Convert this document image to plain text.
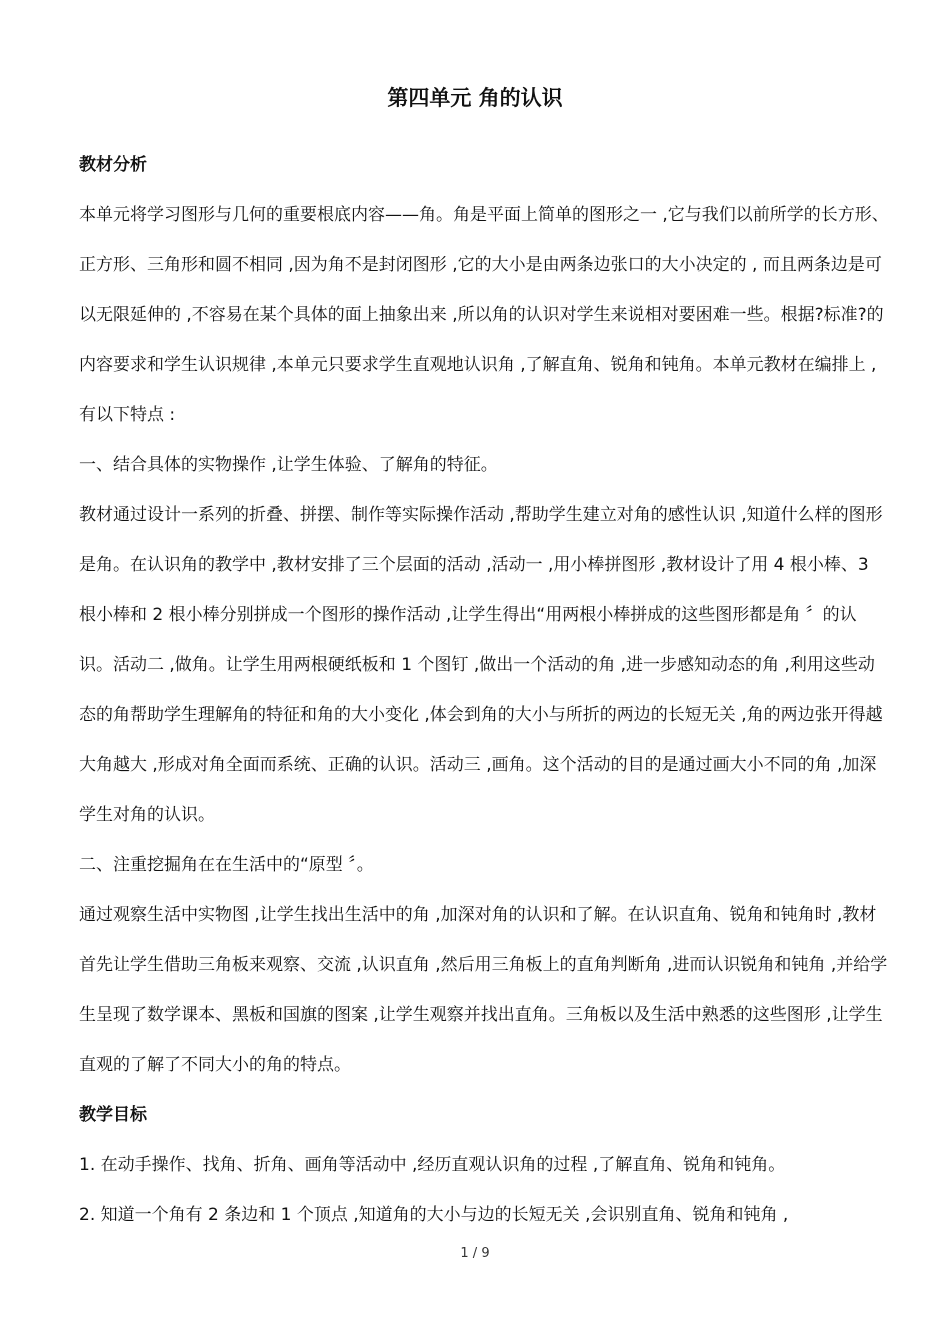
第四单元 角的认识

教材分析

本单元将学习图形与几何的重要根底内容——角。角是平面上简单的图形之一 ,它与我们以前所学的长方形、正方形、三角形和圆不相同 ,因为角不是封闭图形 ,它的大小是由两条边张口的大小决定的 , 而且两条边是可以无限延伸的 ,不容易在某个具体的面上抽象出来 ,所以角的认识对学生来说相对要困难一些。根据?标准?的内容要求和学生认识规律 ,本单元只要求学生直观地认识角 ,了解直角、锐角和钝角。本单元教材在编排上 ,有以下特点 :

一、结合具体的实物操作 ,让学生体验、了解角的特征。

教材通过设计一系列的折叠、拼摆、制作等实际操作活动 ,帮助学生建立对角的感性认识 ,知道什么样的图形是角。在认识角的教学中 ,教材安排了三个层面的活动 ,活动一 ,用小棒拼图形 ,教材设计了用 4 根小棒、3 根小棒和 2 根小棒分别拼成一个图形的操作活动 ,让学生得出“用两根小棒拼成的这些图形都是角 〞的认识。活动二 ,做角。让学生用两根硬纸板和 1 个图钉 ,做出一个活动的角 ,进一步感知动态的角 ,利用这些动态的角帮助学生理解角的特征和角的大小变化 ,体会到角的大小与所折的两边的长短无关 ,角的两边张开得越大角越大 ,形成对角全面而系统、正确的认识。活动三 ,画角。这个活动的目的是通过画大小不同的角 ,加深学生对角的认识。

二、注重挖掘角在在生活中的“原型 〞。

通过观察生活中实物图 ,让学生找出生活中的角 ,加深对角的认识和了解。在认识直角、锐角和钝角时 ,教材首先让学生借助三角板来观察、交流 ,认识直角 ,然后用三角板上的直角判断角 ,进而认识锐角和钝角 ,并给学生呈现了数学课本、黑板和国旗的图案 ,让学生观察并找出直角。三角板以及生活中熟悉的这些图形 ,让学生直观的了解了不同大小的角的特点。

教学目标

1. 在动手操作、找角、折角、画角等活动中 ,经历直观认识角的过程 ,了解直角、锐角和钝角。

2. 知道一个角有 2 条边和 1 个顶点 ,知道角的大小与边的长短无关 ,会识别直角、锐角和钝角 ,

1 / 9
